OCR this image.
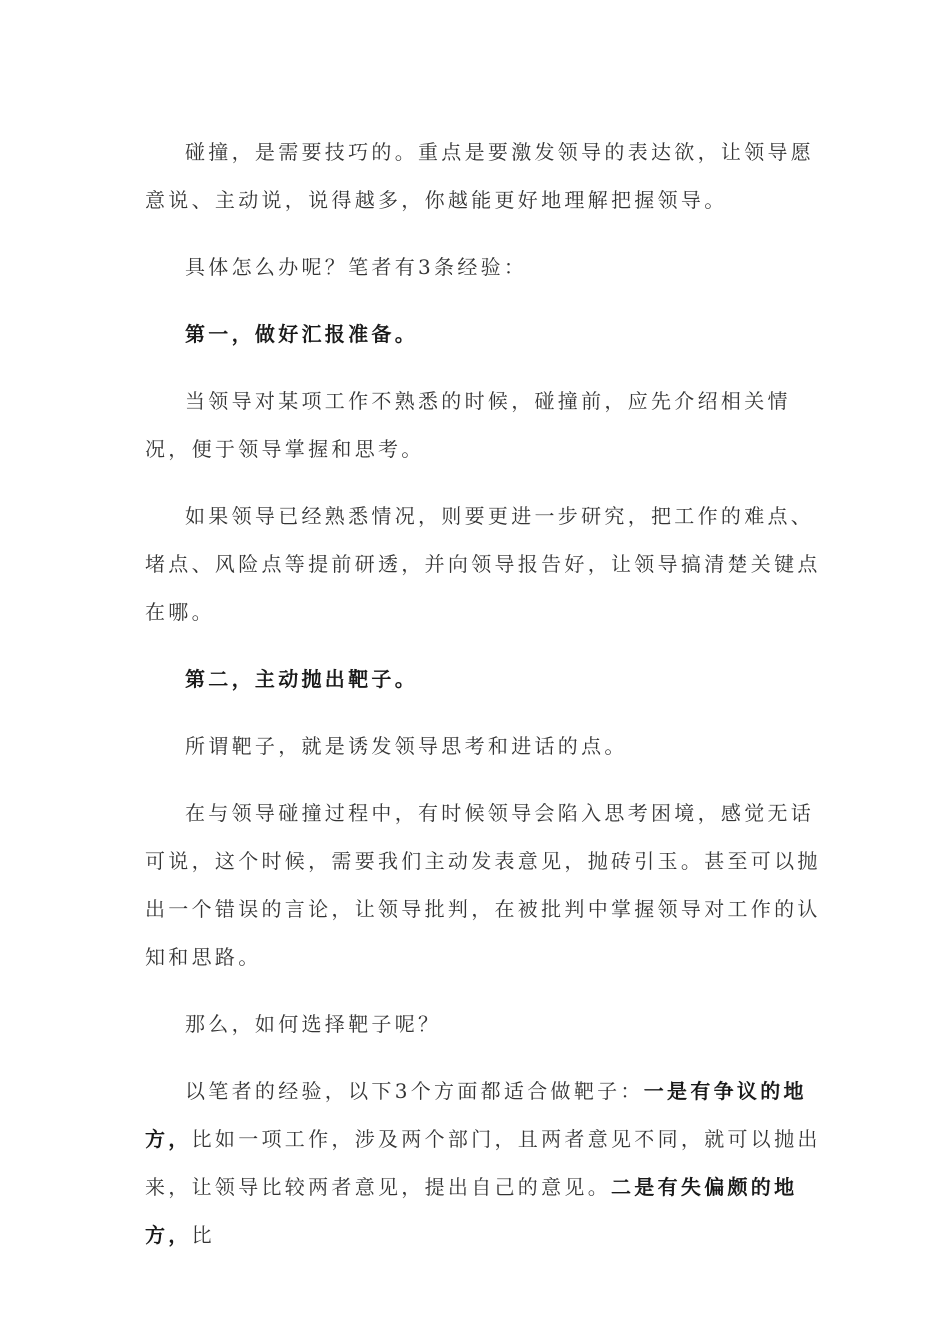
碰撞，是需要技巧的。重点是要激发领导的表达欲，让领导愿意说、主动说，说得越多，你越能更好地理解把握领导。

具体怎么办呢？笔者有3条经验：

第一，做好汇报准备。

当领导对某项工作不熟悉的时候，碰撞前，应先介绍相关情况，便于领导掌握和思考。

如果领导已经熟悉情况，则要更进一步研究，把工作的难点、堵点、风险点等提前研透，并向领导报告好，让领导搞清楚关键点在哪。

第二，主动抛出靶子。

所谓靶子，就是诱发领导思考和进话的点。

在与领导碰撞过程中，有时候领导会陷入思考困境，感觉无话可说，这个时候，需要我们主动发表意见，抛砖引玉。甚至可以抛出一个错误的言论，让领导批判，在被批判中掌握领导对工作的认知和思路。

那么，如何选择靶子呢？

以笔者的经验，以下3个方面都适合做靶子：一是有争议的地方，比如一项工作，涉及两个部门，且两者意见不同，就可以抛出来，让领导比较两者意见，提出自己的意见。二是有失偏颇的地方，比
